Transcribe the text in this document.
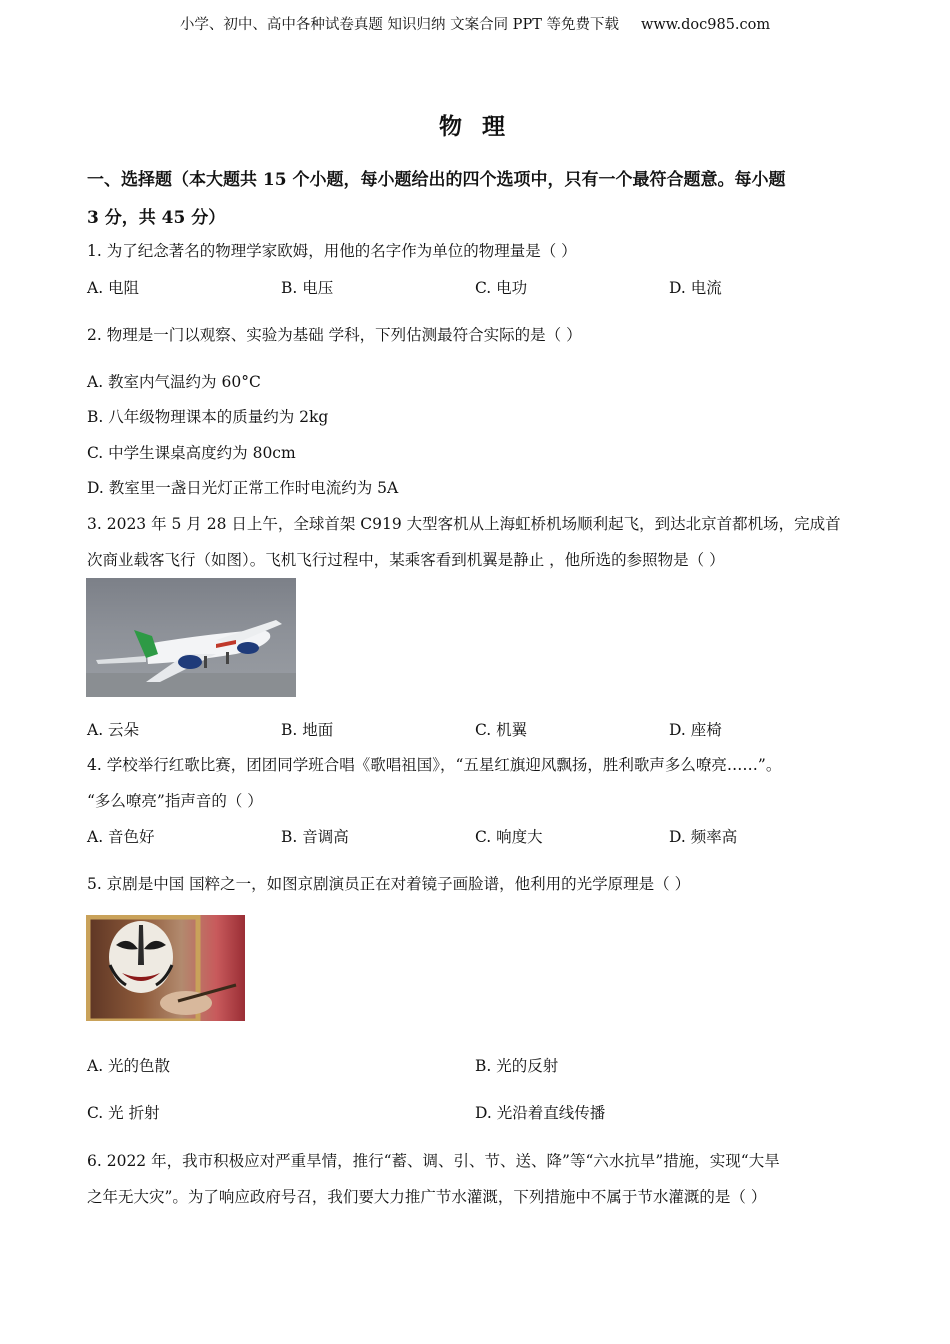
小学、初中、高中各种试卷真题 知识归纳 文案合同 PPT 等免费下载 www.doc985.com
物 理
一、选择题（本大题共 15 个小题，每小题给出的四个选项中，只有一个最符合题意。每小题
3 分，共 45 分）
1. 为了纪念著名的物理学家欧姆，用他的名字作为单位的物理量是（ ）
A. 电阻	B. 电压	C. 电功	D. 电流
2. 物理是一门以观察、实验为基础 学科，下列估测最符合实际的是（ ）
A. 教室内气温约为 60°C
B. 八年级物理课本的质量约为 2kg
C. 中学生课桌高度约为 80cm
D. 教室里一盏日光灯正常工作时电流约为 5A
3. 2023 年 5 月 28 日上午，全球首架 C919 大型客机从上海虹桥机场顺利起飞，到达北京首都机场，完成首
次商业载客飞行（如图）。飞机飞行过程中，某乘客看到机翼是静止 ，他所选的参照物是（ ）
A. 云朵	B. 地面	C. 机翼	D. 座椅
4. 学校举行红歌比赛，团团同学班合唱《歌唱祖国》，“五星红旗迎风飘扬，胜利歌声多么嘹亮……”。
“多么嘹亮”指声音的（ ）
A. 音色好	B. 音调高	C. 响度大	D. 频率高
5. 京剧是中国 国粹之一，如图京剧演员正在对着镜子画脸谱，他利用的光学原理是（ ）
A. 光的色散	B. 光的反射
C. 光 折射	D. 光沿着直线传播
6. 2022 年，我市积极应对严重旱情，推行“蓄、调、引、节、送、降”等“六水抗旱”措施，实现“大旱
之年无大灾”。为了响应政府号召，我们要大力推广节水灌溉，下列措施中不属于节水灌溉的是（ ）
